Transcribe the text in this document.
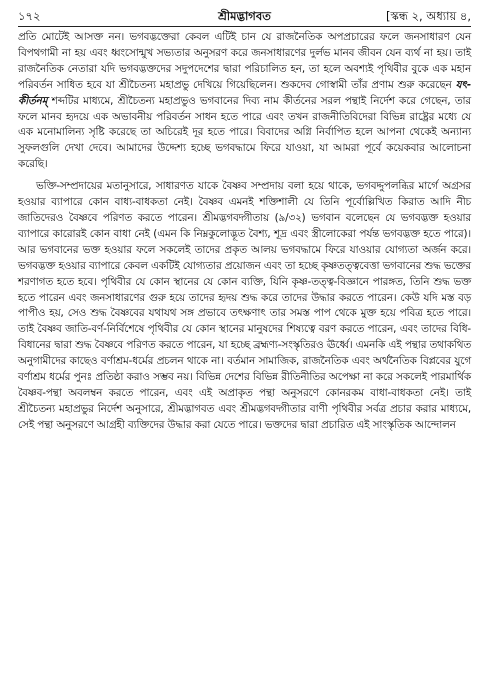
১৭২	শ্রীমদ্ভাগবত	[স্কন্ধ ২, অধ্যায় ৪,

প্রতি মোটেই আসক্ত নন। ভগবদ্ভক্তেরা কেবল এটিই চান যে রাজনৈতিক অপপ্রচারের ফলে জনসাধারণ যেন বিপথগামী না হয় এবং ধ্বংসোন্মুখ সভ্যতার অনুসরণ করে জনসাধারণের দুর্লভ মানব জীবন যেন ব্যর্থ না হয়। তাই রাজনৈতিক নেতারা যদি ভগবদ্ভক্তদের সদুপদেশের দ্বারা পরিচালিত হন, তা হলে অবশ্যই পৃথিবীর বুকে এক মহান পরিবর্তন সাধিত হবে যা শ্রীচৈতন্য মহাপ্রভু দেখিয়ে গিয়েছিলেন। শুকদেব গোস্বামী তাঁর প্রণাম শুরু করেছেন যৎ-কীর্তনম্‌ শব্দটির মাধ্যমে, শ্রীচৈতন্য মহাপ্রভুও ভগবানের দিব্য নাম কীর্তনের সরল পন্থাই নির্দেশ করে গেছেন, তার ফলে মানব হৃদয়ে এক অভাবনীয় পরিবর্তন সাধন হতে পারে এবং তখন রাজনীতিবিদেরা বিভিন্ন রাষ্ট্রের মধ্যে যে এক মনোমালিন্য সৃষ্টি করেছে তা অচিরেই দূর হতে পারে। বিবাদের অগ্নি নির্বাপিত হলে আপনা থেকেই অন্যান্য সুফলগুলি দেখা দেবে। আমাদের উদ্দেশ্য হচ্ছে ভগবদ্ধামে ফিরে যাওয়া, যা আমরা পূর্বে কয়েকবার আলোচনা করেছি।

ভক্তি-সম্প্রদায়ের মতানুসারে, সাধারণত যাকে বৈষ্ণব সম্প্রদায় বলা হয়ে থাকে, ভগবদ্দুপলব্ধির মার্গে অগ্রসর হওয়ার ব্যাপারে কোন বাধ্য-বাধকতা নেই। বৈষ্ণব এমনই শক্তিশালী যে তিনি পূর্বোল্লিখিত কিরাত আদি নীচ জাতিদেরও বৈষ্ণবে পরিণত করতে পারেন। শ্রীমদ্ভগবদ্গীতায় (৯/৩২) ভগবান বলেছেন যে ভগবদ্ভক্ত হওয়ার ব্যাপারে কারোরই কোন বাধা নেই (এমন কি নিম্নকুলোদ্ভূত বৈশ্য, শূদ্র এবং স্ত্রীলোকেরা পর্যন্ত ভগবদ্ভক্ত হতে পারে)। আর ভগবানের ভক্ত হওয়ার ফলে সকলেই তাদের প্রকৃত আলয় ভগবদ্ধামে ফিরে যাওয়ার যোগ্যতা অর্জন করে। ভগবদ্ভক্ত হওয়ার ব্যাপারে কেবল একটিই যোগ্যতার প্রয়োজন এবং তা হচ্ছে কৃষ্ণতত্ত্ববেত্তা ভগবানের শুদ্ধ ভক্তের শরণাগত হতে হবে। পৃথিবীর যে কোন স্থানের যে কোন ব্যক্তি, যিনি কৃষ্ণ-তত্ত্ব-বিজ্ঞানে পারঙ্গত, তিনি শুদ্ধ ভক্ত হতে পারেন এবং জনসাধারণের গুরু হয়ে তাদের হৃদয় শুদ্ধ করে তাদের উদ্ধার করতে পারেন। কেউ যদি মস্ত বড় পাপীও হয়, সেও শুদ্ধ বৈষ্ণবের যথাযথ সঙ্গ প্রভাবে তৎক্ষণাৎ তার সমস্ত পাপ থেকে মুক্ত হয়ে পবিত্র হতে পারে। তাই বৈষ্ণব জাতি-বর্ণ-নির্বিশেষে পৃথিবীর যে কোন স্থানের মানুষদের শিষ্যত্বে বরণ করতে পারেন, এবং তাদের বিধি-বিধানের দ্বারা শুদ্ধ বৈষ্ণবে পরিণত করতে পারেন, যা হচ্ছে ব্রহ্মণ্য-সংস্কৃতিরও ঊর্ধ্বে। এমনকি এই পন্থার তথাকথিত অনুগামীদের কাছেও বর্ণাশ্রম-ধর্মের প্রচলন থাকে না। বর্তমান সামাজিক, রাজনৈতিক এবং অর্থনৈতিক বিপ্লবের যুগে বর্ণাশ্রম ধর্মের পুনঃ প্রতিষ্ঠা করাও সম্ভব নয়। বিভিন্ন দেশের বিভিন্ন রীতিনীতির অপেক্ষা না করে সকলেই পারমার্থিক বৈষ্ণব-পন্থা অবলম্বন করতে পারেন, এবং এই অপ্রাকৃত পন্থা অনুসরণে কোনরকম বাধা-বাধকতা নেই। তাই শ্রীচৈতন্য মহাপ্রভুর নির্দেশ অনুসারে, শ্রীমদ্ভাগবত এবং শ্রীমদ্ভগবদ্গীতার বাণী পৃথিবীর সর্বত্র প্রচার করার মাধ্যমে, সেই পন্থা অনুসরণে আগ্রহী ব্যক্তিদের উদ্ধার করা যেতে পারে। ভক্তদের দ্বারা প্রচারিত এই সাংস্কৃতিক আন্দোলন
